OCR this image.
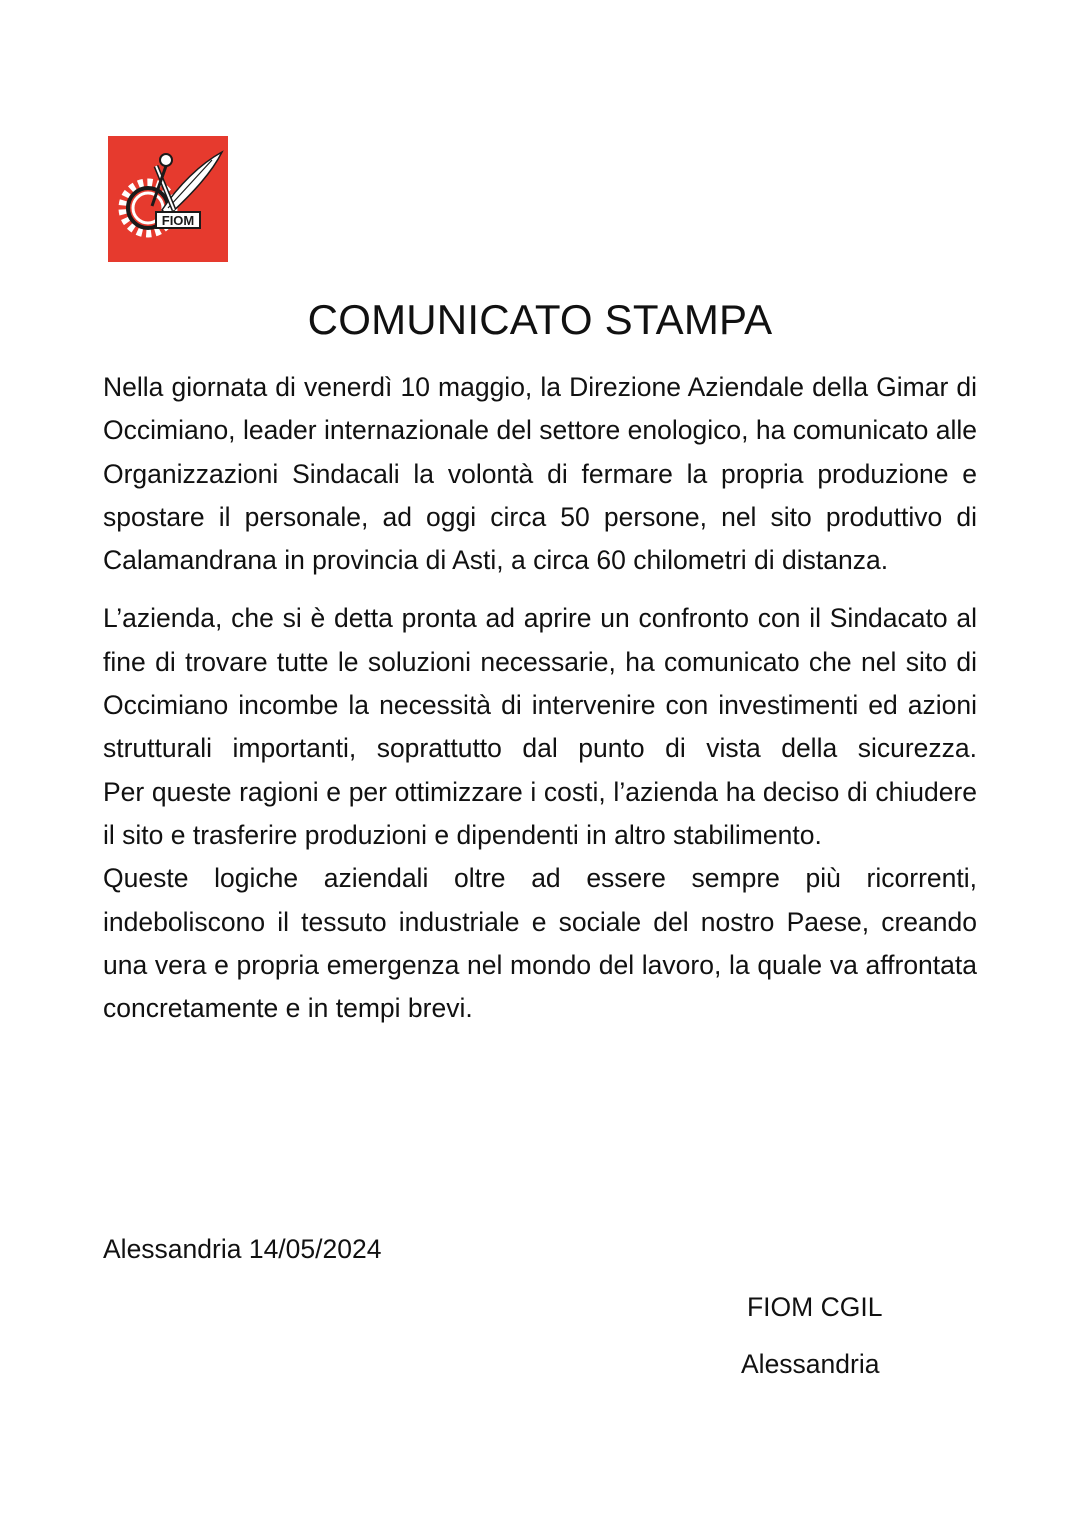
FIOM
COMUNICATO STAMPA

Nella giornata di venerdì 10 maggio, la Direzione Aziendale della Gimar di Occimiano, leader internazionale del settore enologico, ha comunicato alle Organizzazioni Sindacali la volontà di fermare la propria produzione e spostare il personale, ad oggi circa 50 persone, nel sito produttivo di Calamandrana in provincia di Asti, a circa 60 chilometri di distanza.

L’azienda, che si è detta pronta ad aprire un confronto con il Sindacato al fine di trovare tutte le soluzioni necessarie, ha comunicato che nel sito di Occimiano incombe la necessità di intervenire con investimenti ed azioni strutturali importanti, soprattutto dal punto di vista della sicurezza.

Per queste ragioni e per ottimizzare i costi, l’azienda ha deciso di chiudere il sito e trasferire produzioni e dipendenti in altro stabilimento.

Queste logiche aziendali oltre ad essere sempre più ricorrenti, indeboliscono il tessuto industriale e sociale del nostro Paese, creando una vera e propria emergenza nel mondo del lavoro, la quale va affrontata concretamente e in tempi brevi.

Alessandria 14/05/2024
FIOM CGIL
Alessandria
